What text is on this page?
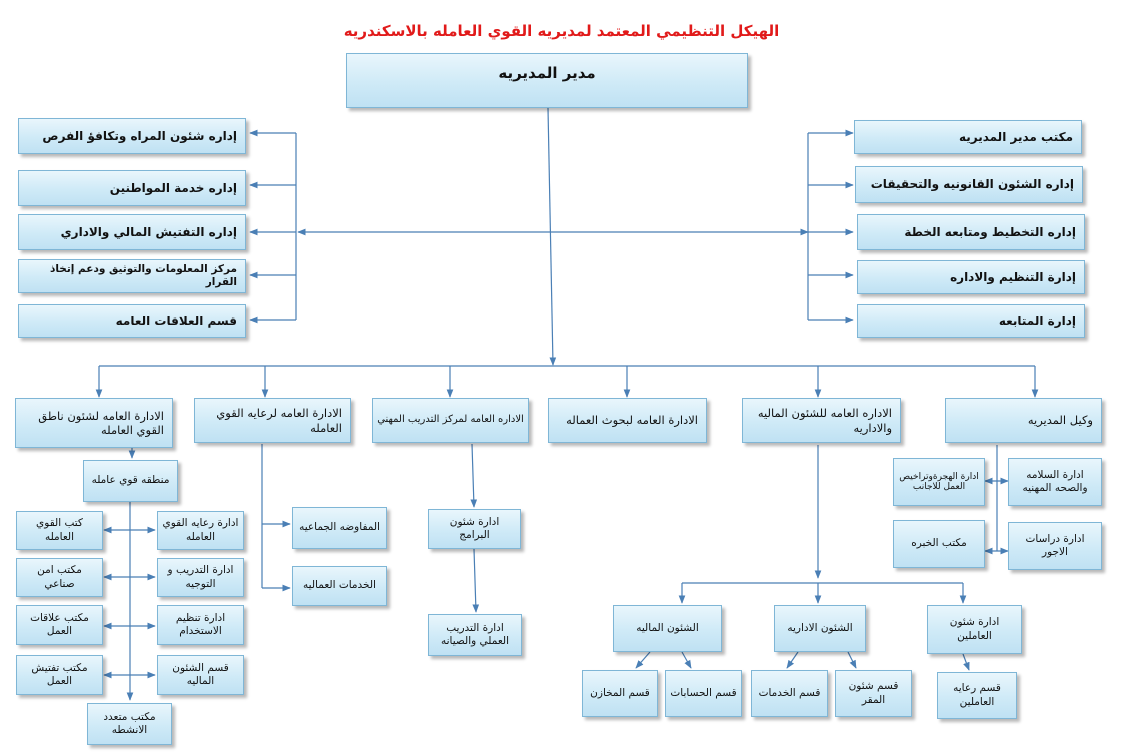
الهيكل التنظيمي المعتمد لمديريه القوي العامله بالاسكندريه
مدير المديريه
إداره شئون المراه وتكافؤ الفرص
إداره خدمة المواطنين
إداره التفتيش المالي والاداري
مركز المعلومات والتوثيق ودعم إتخاذ القرار
قسم العلاقات العامه
مكتب مدير المديريه
إداره الشئون القانونيه والتحقيقات
إداره التخطيط ومتابعه الخطة
إدارة التنظيم والاداره
إدارة المتابعه
وكيل المديريه
الاداره العامه للشئون الماليه والاداريه
الادارة العامه لبحوث العماله
الاداره العامه لمركز التدريب المهني
الادارة العامه لرعايه القوي العامله
الادارة العامه لشئون ناطق القوي العامله
ادارة السلامه والصحه المهنيه
ادارة الهجرةوتراخيص العمل للاجانب
ادارة دراسات الاجور
مكتب الخبره
الشئون الماليه	الشئون الاداريه	ادارة شئون العاملين
قسم المخازن قسم الحسابات قسم الخدمات
قسم شئون المقر
قسم رعايه العاملين
ادارة شئون البرامج
ادارة التدريب العملي والصيانه
المفاوضه الجماعيه
الخدمات العماليه
منطقه قوي عامله
كتب القوي العامله
مكتب امن صناعي
مكتب علاقات العمل
مكتب تفتيش العمل
ادارة رعايه القوي العامله
ادارة التدريب و التوجيه
ادارة تنظيم الاستخدام
قسم الشئون الماليه
مكتب متعدد الانشطه
